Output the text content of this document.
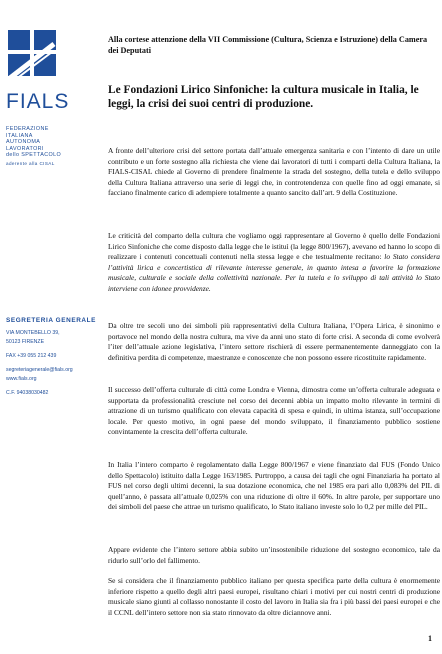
FIALS
FEDERAZIONE
ITALIANA
AUTONOMA
LAVORATORI
dello SPETTACOLO
aderente alla CISAL
SEGRETERIA GENERALE
VIA MONTEBELLO 39,
50123 FIRENZE
FAX +39 055 212 439
segreteriagenerale@fials.org
www.fials.org
C.F. 94038030482
Alla cortese attenzione della VII Commissione (Cultura, Scienza e Istruzione) della Camera dei Deputati
Le Fondazioni Lirico Sinfoniche: la cultura musicale in Italia, le leggi, la crisi dei suoi centri di produzione.
A fronte dell’ulteriore crisi del settore portata dall’attuale emergenza sanitaria e con l’intento di dare un utile contributo e un forte sostegno alla richiesta che viene dai lavoratori di tutti i comparti della Cultura Italiana, la FIALS-CISAL chiede al Governo di prendere finalmente la strada del sostegno, della tutela e dello sviluppo della Cultura Italiana attraverso una serie di leggi che, in controtendenza con quelle fino ad oggi emanate, si facciano finalmente carico di adempiere totalmente a quanto sancito dall’art. 9 della Costituzione.
Le criticità del comparto della cultura che vogliamo oggi rappresentare al Governo è quello delle Fondazioni Lirico Sinfoniche che come disposto dalla legge che le istituì (la legge 800/1967), avevano ed hanno lo scopo di realizzare i contenuti concettuali contenuti nella stessa legge e che testualmente recitano: lo Stato considera l’attività lirica e concertistica di rilevante interesse generale, in quanto intesa a favorire la formazione musicale, culturale e sociale della collettività nazionale. Per la tutela e lo sviluppo di tali attività lo Stato interviene con idonee provvidenze.
Da oltre tre secoli uno dei simboli più rappresentativi della Cultura Italiana, l’Opera Lirica, è sinonimo e portavoce nel mondo della nostra cultura, ma vive da anni uno stato di forte crisi. A seconda di come evolverà l’iter dell’attuale azione legislativa, l’intero settore rischierà di essere permanentemente danneggiato con la definitiva perdita di competenze, maestranze e conoscenze che non possono essere ricostituite rapidamente.
Il successo dell’offerta culturale di città come Londra e Vienna, dimostra come un’offerta culturale adeguata e supportata da professionalità cresciute nel corso dei decenni abbia un impatto molto rilevante in termini di attrazione di un turismo qualificato con elevata capacità di spesa e quindi, in ultima istanza, sull’occupazione locale. Per questo motivo, in ogni paese del mondo sviluppato, il finanziamento pubblico sostiene convintamente la crescita dell’offerta culturale.
In Italia l’intero comparto è regolamentato dalla Legge 800/1967 e viene finanziato dal FUS (Fondo Unico dello Spettacolo) istituito dalla Legge 163/1985. Purtroppo, a causa dei tagli che ogni Finanziaria ha portato al FUS nel corso degli ultimi decenni, la sua dotazione economica, che nel 1985 era pari allo 0,083% del PIL di quell’anno, è passata all’attuale 0,025% con una riduzione di oltre il 60%. In altre parole, per supportare uno dei simboli del paese che attrae un turismo qualificato, lo Stato italiano investe solo lo 0,2 per mille del PIL.
Appare evidente che l’intero settore abbia subito un’insostenibile riduzione del sostegno economico, tale da ridurlo sull’orlo del fallimento.
Se si considera che il finanziamento pubblico italiano per questa specifica parte della cultura è enormemente inferiore rispetto a quello degli altri paesi europei, risultano chiari i motivi per cui nostri centri di produzione musicale siano giunti al collasso nonostante il costo del lavoro in Italia sia fra i più bassi dei paesi europei e che il CCNL dell’intero settore non sia stato rinnovato da oltre diciannove anni.
1
